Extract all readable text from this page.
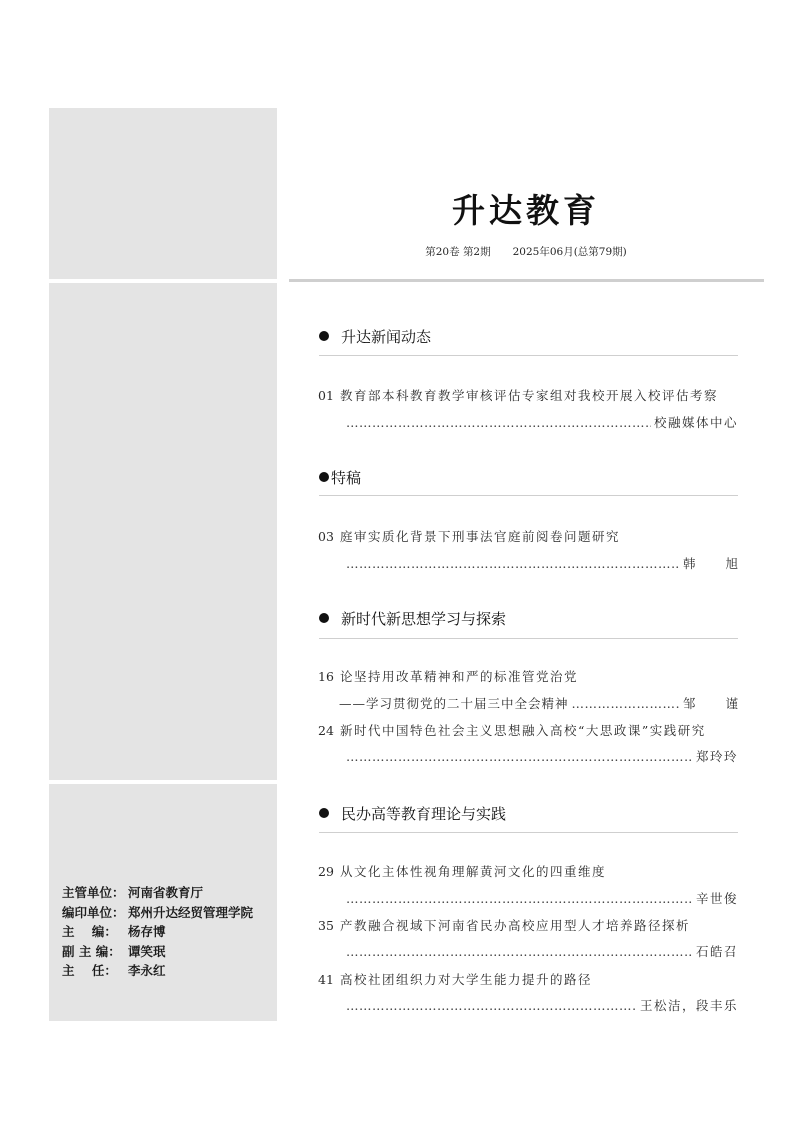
主管单位： 河南省教育厅
编印单位： 郑州升达经贸管理学院
主    编： 杨存博
副 主 编： 谭笑珉
主    任： 李永红
升达教育
第20卷 第2期 2025年06月(总第79期)
升达新闻动态
01 教育部本科教育教学审核评估专家组对我校开展入校评估考察
…………………………………………………………………………………………………………………………………………………
校融媒体中心
特稿
03 庭审实质化背景下刑事法官庭前阅卷问题研究
…………………………………………………………………………………………………………………………………………………
韩 旭
新时代新思想学习与探索
16 论坚持用改革精神和严的标准管党治党
——学习贯彻党的二十届三中全会精神
…………………………………………………………………………………………………………………………………………………	邹 谨
24 新时代中国特色社会主义思想融入高校“大思政课”实践研究
…………………………………………………………………………………………………………………………………………………
郑玲玲
民办高等教育理论与实践
29 从文化主体性视角理解黄河文化的四重维度
…………………………………………………………………………………………………………………………………………………
辛世俊
35 产教融合视域下河南省民办高校应用型人才培养路径探析
…………………………………………………………………………………………………………………………………………………
石皓召
41 高校社团组织力对大学生能力提升的路径
…………………………………………………………………………………………………………………………………………………
王松洁，段丰乐
